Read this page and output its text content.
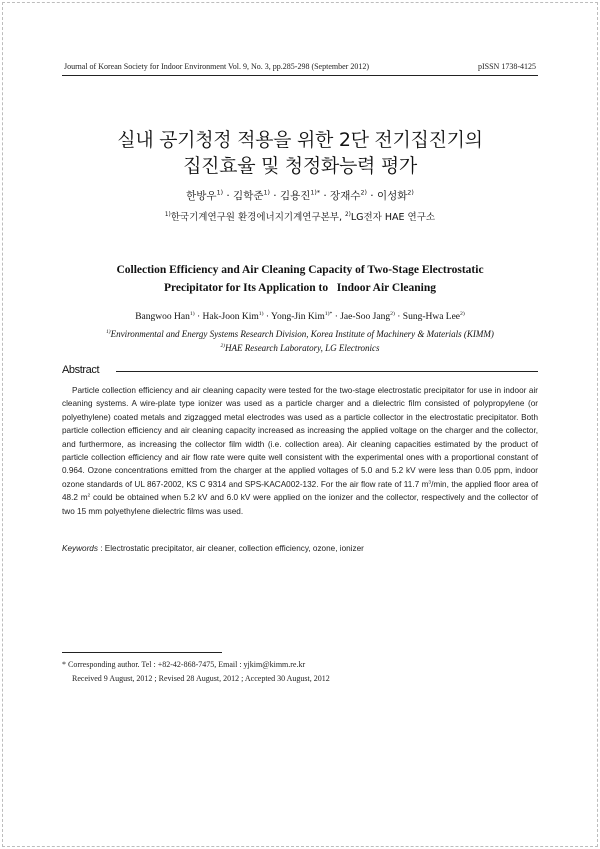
Journal of Korean Society for Indoor Environment Vol. 9, No. 3, pp.285-298 (September 2012)	pISSN 1738-4125
실내 공기청정 적용을 위한 2단 전기집진기의
집진효율 및 청정화능력 평가
한방우$^{1)}$ · 김학준$^{1)}$ · 김용진$^{1)*}$ · 장재수$^{2)}$ · 이성화$^{2)}$
$^{1)}$한국기계연구원 환경에너지기계연구본부, $^{2)}$LG전자 HAE 연구소
Collection Efficiency and Air Cleaning Capacity of Two-Stage Electrostatic
Precipitator for Its Application to   Indoor Air Cleaning
Bangwoo Han$^{1)}$ · Hak-Joon Kim$^{1)}$ · Yong-Jin Kim$^{1)*}$ · Jae-Soo Jang$^{2)}$ · Sung-Hwa Lee$^{2)}$
$^{1)}$Environmental and Energy Systems Research Division, Korea Institute of Machinery & Materials (KIMM)
$^{2)}$HAE Research Laboratory, LG Electronics
Abstract
Particle collection efficiency and air cleaning capacity were tested for the two-stage electrostatic precipitator for use in indoor air cleaning systems. A wire-plate type ionizer was used as a particle charger and a dielectric film consisted of polypropylene (or polyethylene) coated metals and zigzagged metal electrodes was used as a particle collector in the electrostatic precipitator. Both particle collection efficiency and air cleaning capacity increased as increasing the applied voltage on the charger and the collector, and furthermore, as increasing the collector film width (i.e. collection area). Air cleaning capacities estimated by the product of particle collection efficiency and air flow rate were quite well consistent with the experimental ones with a proportional constant of 0.964. Ozone concentrations emitted from the charger at the applied voltages of 5.0 and 5.2 kV were less than 0.05 ppm, indoor ozone standards of UL 867-2002, KS C 9314 and SPS-KACA002-132. For the air flow rate of 11.7 $m^3/\min$, the applied floor area of 48.2 $m^2$ could be obtained when 5.2 kV and 6.0 kV were applied on the ionizer and the collector, respectively and the collector of two 15 mm polyethylene dielectric films was used.
Keywords : Electrostatic precipitator, air cleaner, collection efficiency, ozone, ionizer
* Corresponding author. Tel : +82-42-868-7475, Email : yjkim@kimm.re.kr
Received 9 August, 2012 ; Revised 28 August, 2012 ; Accepted 30 August, 2012
